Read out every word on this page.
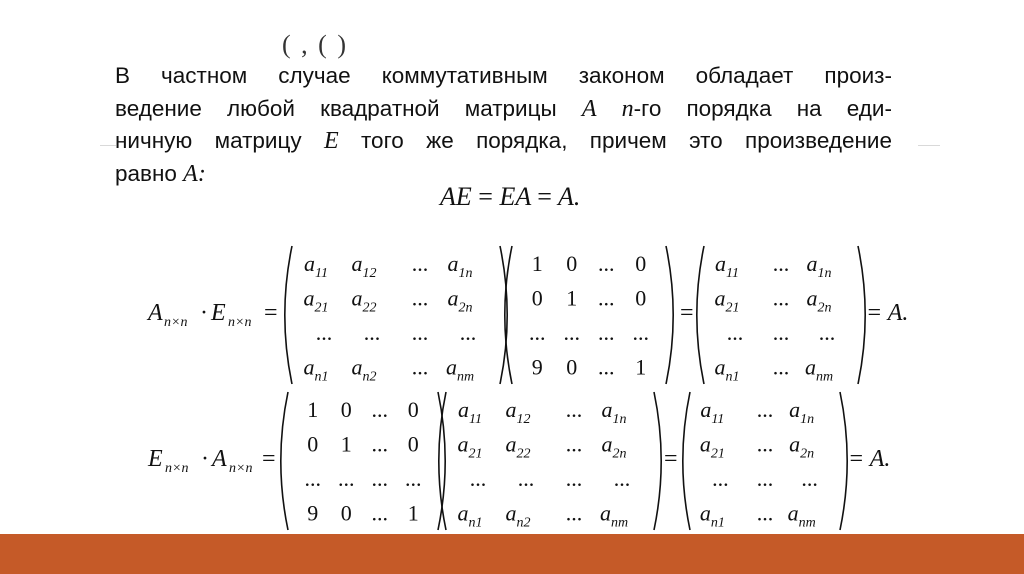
( , ( )
В частном случае коммутативным законом обладает произ-
ведение любой квадратной матрицы A n-го порядка на еди-
ничную матрицу E того же порядка, причем это произведение
равно A:
AE = EA = A.
A n×n · E n×n =
$a_{11}$ $a_{12}$ ... $a_{1n}$
$a_{21}$ $a_{22}$ ... $a_{2n}$
... ... ... ...
$a_{n1}$ $a_{n2}$ ... $a_{nm}$
1 0 ... 0
0 1 ... 0
... ... ... ...
9 0 ... 1
$a_{11}$ ... $a_{1n}$
$a_{21}$ ... $a_{2n}$
... ... ...
$a_{n1}$ ... $a_{nm}$
=	= A.
E n×n · A n×n =
1 0 ... 0
0 1 ... 0
... ... ... ...
9 0 ... 1
$a_{11}$ $a_{12}$ ... $a_{1n}$
$a_{21}$ $a_{22}$ ... $a_{2n}$
... ... ... ...
$a_{n1}$ $a_{n2}$ ... $a_{nm}$
$a_{11}$ ... $a_{1n}$
$a_{21}$ ... $a_{2n}$
... ... ...
$a_{n1}$ ... $a_{nm}$
=	= A.
